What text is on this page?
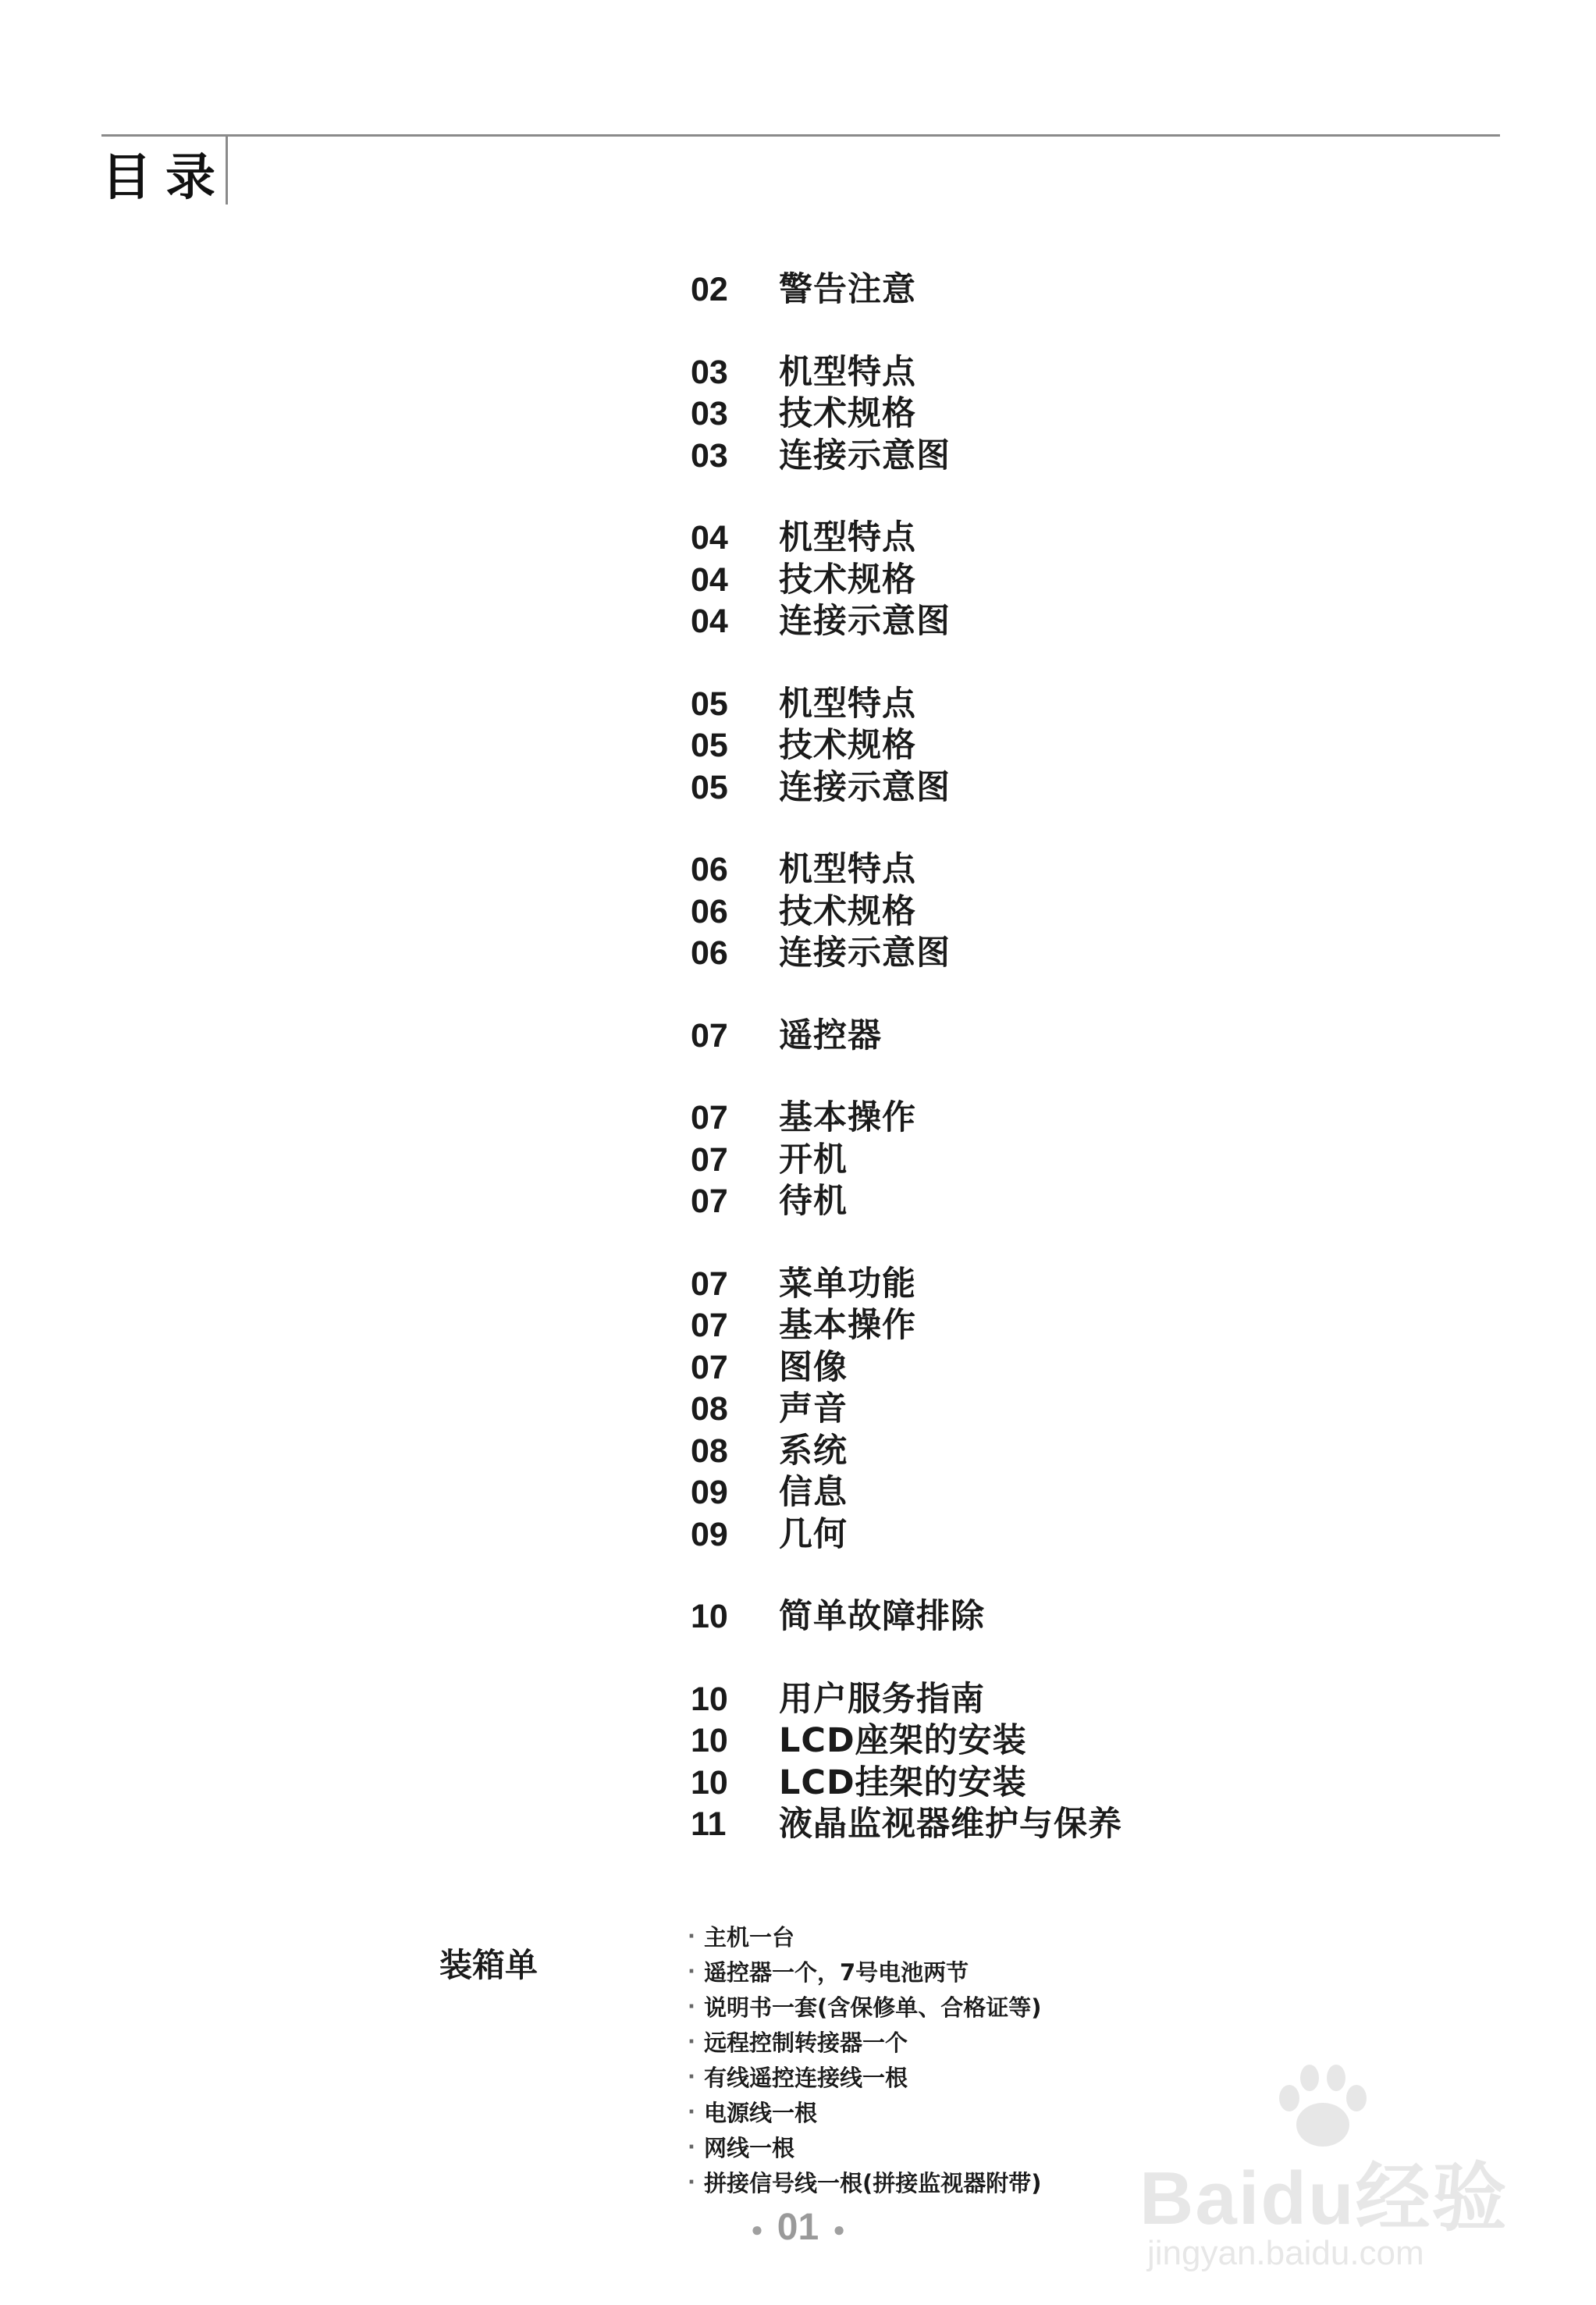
目录
02	警告注意
03	机型特点
03	技术规格
03	连接示意图
04	机型特点
04	技术规格
04	连接示意图
05	机型特点
05	技术规格
05	连接示意图
06	机型特点
06	技术规格
06	连接示意图
07	遥控器
07	基本操作
07	开机
07	待机
07	菜单功能
07	基本操作
07	图像
08	声音
08	系统
09	信息
09	几何
10	简单故障排除
10	用户服务指南
10	LCD座架的安装
10	LCD挂架的安装
11	液晶监视器维护与保养
装箱单
· 主机一台
· 遥控器一个，7号电池两节
· 说明书一套(含保修单、合格证等)
· 远程控制转接器一个
· 有线遥控连接线一根
· 电源线一根
· 网线一根
· 拼接信号线一根(拼接监视器附带)
● 01 ●	Baidu经验
jingyan.baidu.com
